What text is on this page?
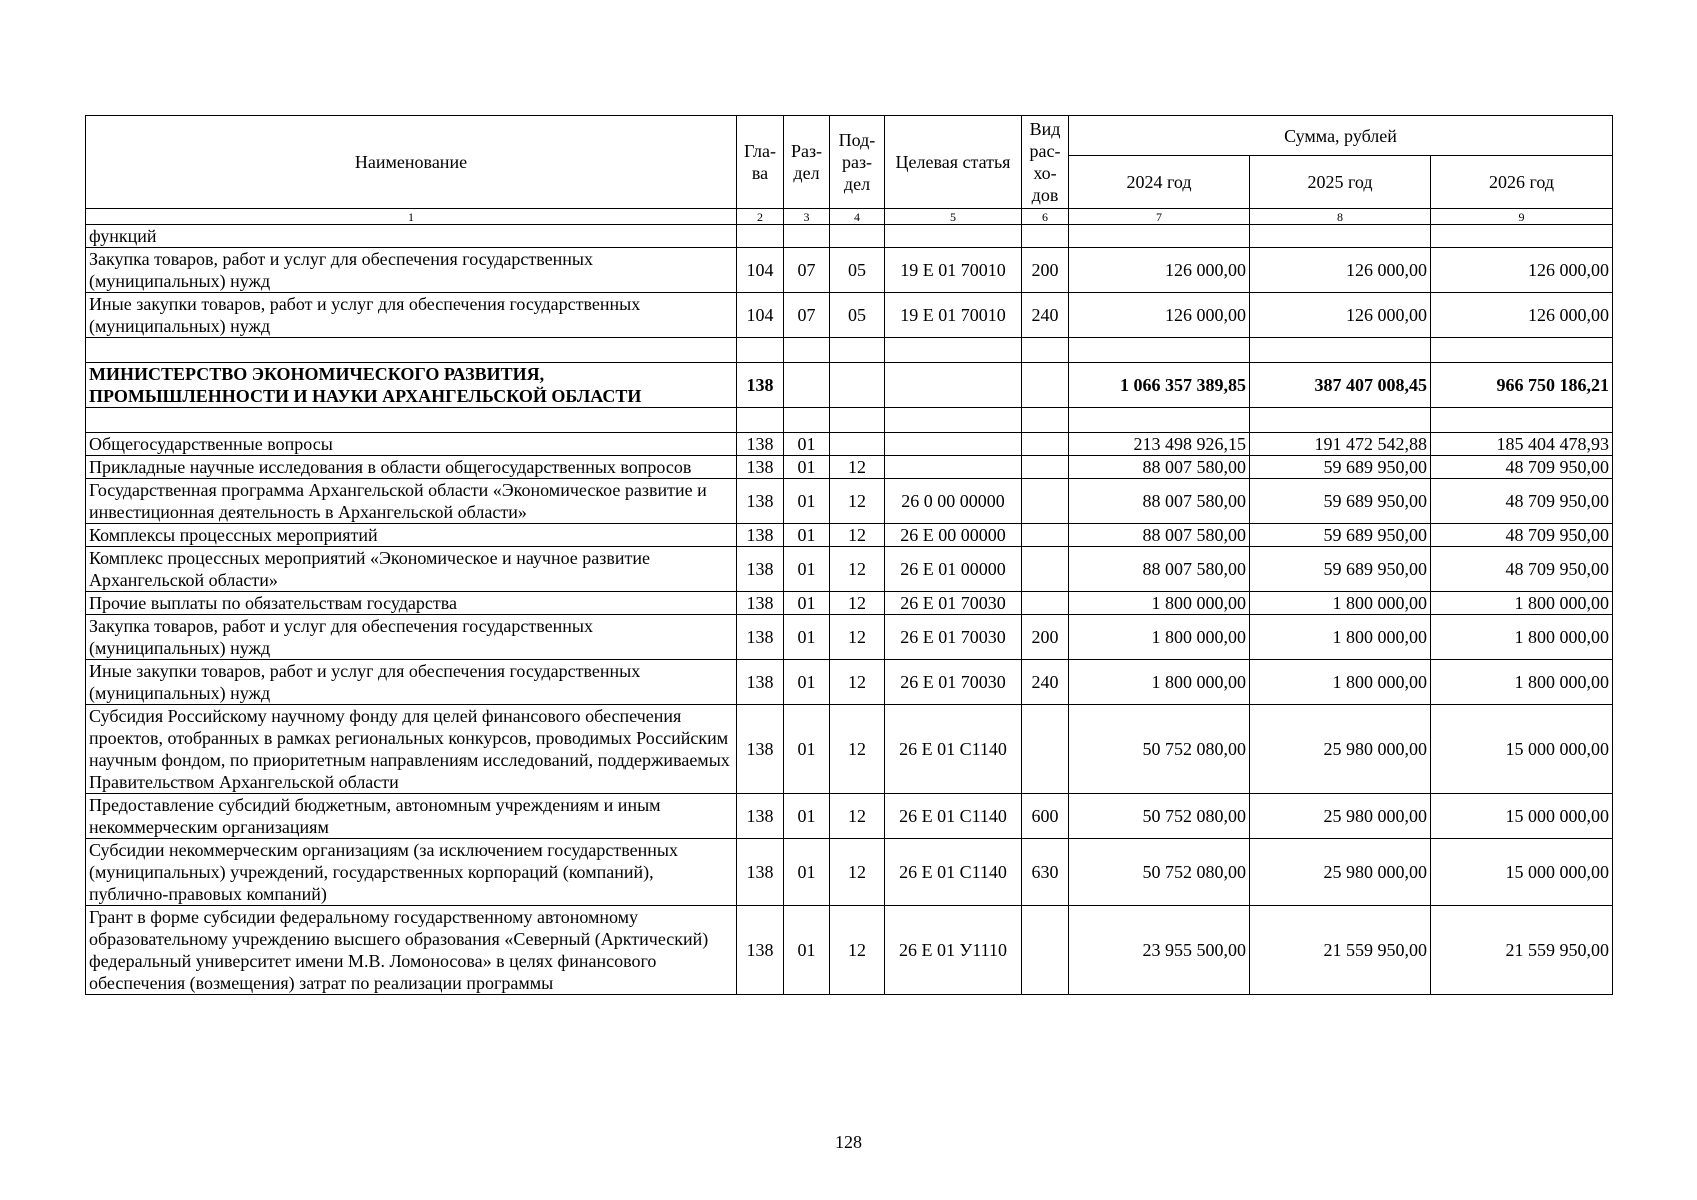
Наименование	Гла-ва	Раз-дел	Под-раз-дел	Целевая статья	Вид рас-хо-дов	Сумма, рублей		
						2024 год	2025 год	2026 год
1	2	3	4	5	6	7	8	9
функций								
Закупка товаров, работ и услуг для обеспечения государственных (муниципальных) нужд	104	07	05	19 Е 01 70010	200	126 000,00	126 000,00	126 000,00
Иные закупки товаров, работ и услуг для обеспечения государственных (муниципальных) нужд	104	07	05	19 Е 01 70010	240	126 000,00	126 000,00	126 000,00

МИНИСТЕРСТВО ЭКОНОМИЧЕСКОГО РАЗВИТИЯ, ПРОМЫШЛЕННОСТИ И НАУКИ АРХАНГЕЛЬСКОЙ ОБЛАСТИ	138					1 066 357 389,85	387 407 008,45	966 750 186,21

Общегосударственные вопросы	138	01				213 498 926,15	191 472 542,88	185 404 478,93
Прикладные научные исследования в области общегосударственных вопросов	138	01	12			88 007 580,00	59 689 950,00	48 709 950,00
Государственная программа Архангельской области «Экономическое развитие и инвестиционная деятельность в Архангельской области»	138	01	12	26 0 00 00000		88 007 580,00	59 689 950,00	48 709 950,00
Комплексы процессных мероприятий	138	01	12	26 Е 00 00000		88 007 580,00	59 689 950,00	48 709 950,00
Комплекс процессных мероприятий «Экономическое и научное развитие Архангельской области»	138	01	12	26 Е 01 00000		88 007 580,00	59 689 950,00	48 709 950,00
Прочие выплаты по обязательствам государства	138	01	12	26 Е 01 70030		1 800 000,00	1 800 000,00	1 800 000,00
Закупка товаров, работ и услуг для обеспечения государственных (муниципальных) нужд	138	01	12	26 Е 01 70030	200	1 800 000,00	1 800 000,00	1 800 000,00
Иные закупки товаров, работ и услуг для обеспечения государственных (муниципальных) нужд	138	01	12	26 Е 01 70030	240	1 800 000,00	1 800 000,00	1 800 000,00
Субсидия Российскому научному фонду для целей финансового обеспечения проектов, отобранных в рамках региональных конкурсов, проводимых Российским научным фондом, по приоритетным направлениям исследований, поддерживаемых Правительством Архангельской области	138	01	12	26 Е 01 С1140		50 752 080,00	25 980 000,00	15 000 000,00
Предоставление субсидий бюджетным, автономным учреждениям и иным некоммерческим организациям	138	01	12	26 Е 01 С1140	600	50 752 080,00	25 980 000,00	15 000 000,00
Субсидии некоммерческим организациям (за исключением государственных (муниципальных) учреждений, государственных корпораций (компаний), публично-правовых компаний)	138	01	12	26 Е 01 С1140	630	50 752 080,00	25 980 000,00	15 000 000,00
Грант в форме субсидии федеральному государственному автономному образовательному учреждению высшего образования «Северный (Арктический) федеральный университет имени М.В. Ломоносова» в целях финансового обеспечения (возмещения) затрат по реализации программы	138	01	12	26 Е 01 У1110		23 955 500,00	21 559 950,00	21 559 950,00
128
